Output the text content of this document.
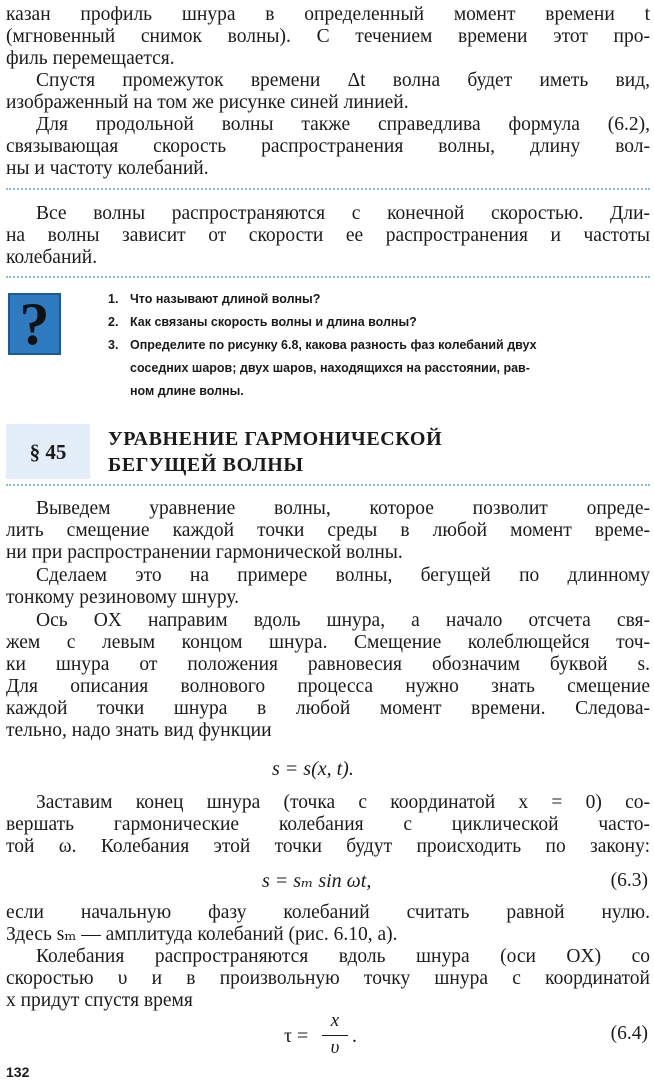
казан профиль шнура в определенный момент времени t
(мгновенный снимок волны). С течением времени этот про-
филь перемещается.
Спустя промежуток времени Δt волна будет иметь вид,
изображенный на том же рисунке синей линией.
Для продольной волны также справедлива формула (6.2),
связывающая скорость распространения волны, длину вол-
ны и частоту колебаний.
Все волны распространяются с конечной скоростью. Дли-
на волны зависит от скорости ее распространения и частоты
колебаний.
?	1. Что называют длиной волны?
2. Как связаны скорость волны и длина волны?
3. Определите по рисунку 6.8, какова разность фаз колебаний двух
соседних шаров; двух шаров, находящихся на расстоянии, рав-
ном длине волны.
§ 45
УРАВНЕНИЕ ГАРМОНИЧЕСКОЙ
БЕГУЩЕЙ ВОЛНЫ
Выведем уравнение волны, которое позволит опреде-
лить смещение каждой точки среды в любой момент време-
ни при распространении гармонической волны.
Сделаем это на примере волны, бегущей по длинному
тонкому резиновому шнуру.
Ось OX направим вдоль шнура, а начало отсчета свя-
жем с левым концом шнура. Смещение колеблющейся точ-
ки шнура от положения равновесия обозначим буквой s.
Для описания волнового процесса нужно знать смещение
каждой точки шнура в любой момент времени. Следова-
тельно, надо знать вид функции
s = s(x, t).
Заставим конец шнура (точка с координатой x = 0) со-
вершать гармонические колебания с циклической часто-
той ω. Колебания этой точки будут происходить по закону:
s = sₘ sin ωt,	(6.3)
если начальную фазу колебаний считать равной нулю.
Здесь sₘ — амплитуда колебаний (рис. 6.10, а).
Колебания распространяются вдоль шнура (оси OX) со
скоростью υ и в произвольную точку шнура с координатой
x придут спустя время
τ =
x
υ
.	(6.4)
132
